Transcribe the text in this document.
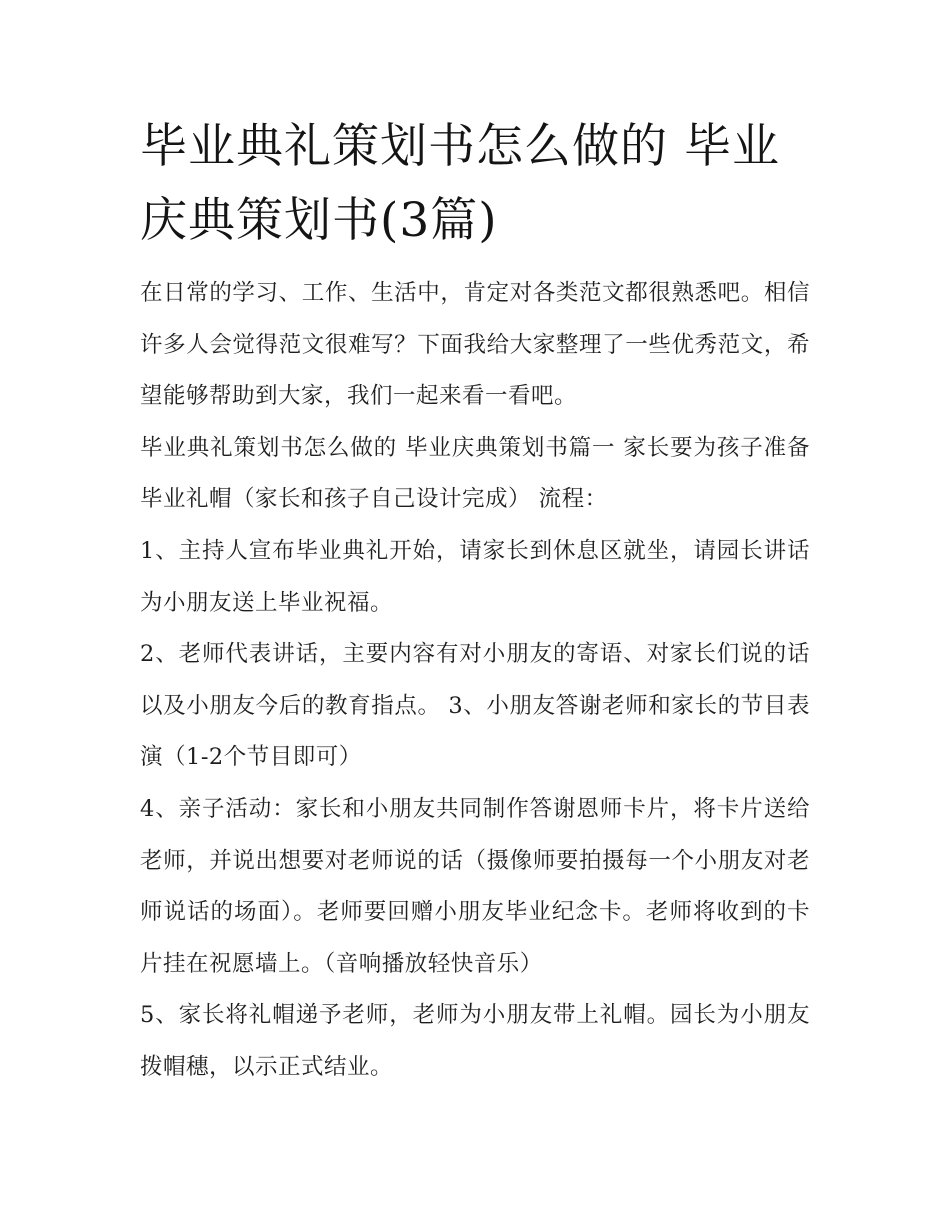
毕业典礼策划书怎么做的 毕业庆典策划书(3篇)

在日常的学习、工作、生活中，肯定对各类范文都很熟悉吧。相信许多人会觉得范文很难写？下面我给大家整理了一些优秀范文，希望能够帮助到大家，我们一起来看一看吧。

毕业典礼策划书怎么做的 毕业庆典策划书篇一 家长要为孩子准备毕业礼帽（家长和孩子自己设计完成） 流程：

1、主持人宣布毕业典礼开始，请家长到休息区就坐，请园长讲话为小朋友送上毕业祝福。

2、老师代表讲话，主要内容有对小朋友的寄语、对家长们说的话以及小朋友今后的教育指点。 3、小朋友答谢老师和家长的节目表演（1-2个节目即可）

4、亲子活动：家长和小朋友共同制作答谢恩师卡片，将卡片送给老师，并说出想要对老师说的话（摄像师要拍摄每一个小朋友对老师说话的场面）。老师要回赠小朋友毕业纪念卡。老师将收到的卡片挂在祝愿墙上。（音响播放轻快音乐）

5、家长将礼帽递予老师，老师为小朋友带上礼帽。园长为小朋友拨帽穗，以示正式结业。
